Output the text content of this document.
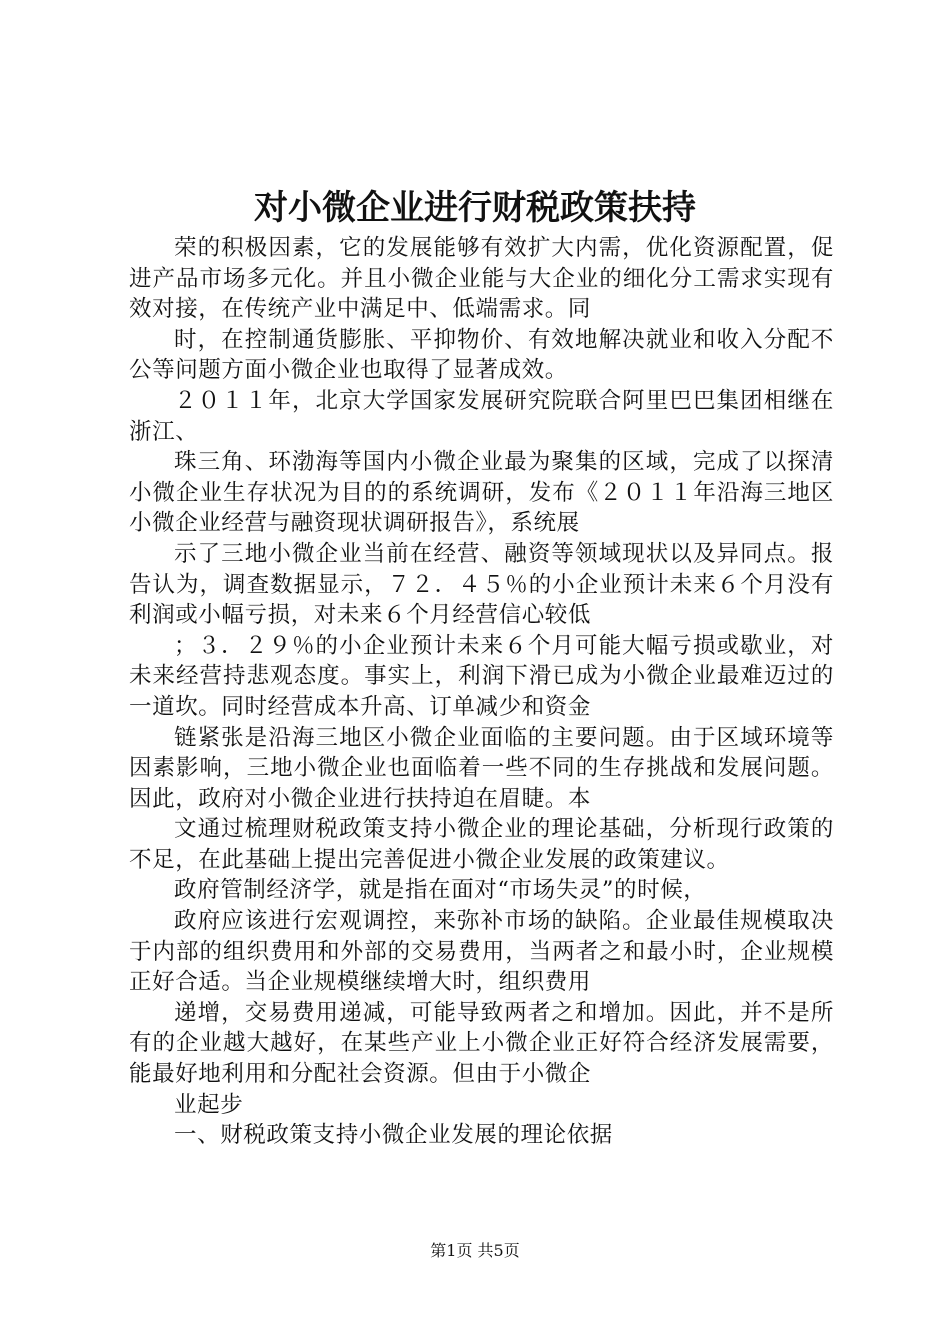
对小微企业进行财税政策扶持

荣的积极因素，它的发展能够有效扩大内需，优化资源配置，促进产品市场多元化。并且小微企业能与大企业的细化分工需求实现有效对接，在传统产业中满足中、低端需求。同

时，在控制通货膨胀、平抑物价、有效地解决就业和收入分配不公等问题方面小微企业也取得了显著成效。

２０１１年，北京大学国家发展研究院联合阿里巴巴集团相继在浙江、

珠三角、环渤海等国内小微企业最为聚集的区域，完成了以探清小微企业生存状况为目的的系统调研，发布《２０１１年沿海三地区小微企业经营与融资现状调研报告》，系统展

示了三地小微企业当前在经营、融资等领域现状以及异同点。报告认为，调查数据显示，７２．４５％的小企业预计未来６个月没有利润或小幅亏损，对未来６个月经营信心较低

；３．２９％的小企业预计未来６个月可能大幅亏损或歇业，对未来经营持悲观态度。事实上，利润下滑已成为小微企业最难迈过的一道坎。同时经营成本升高、订单减少和资金

链紧张是沿海三地区小微企业面临的主要问题。由于区域环境等因素影响，三地小微企业也面临着一些不同的生存挑战和发展问题。因此，政府对小微企业进行扶持迫在眉睫。本

文通过梳理财税政策支持小微企业的理论基础，分析现行政策的不足，在此基础上提出完善促进小微企业发展的政策建议。

政府管制经济学，就是指在面对“市场失灵”的时候，

政府应该进行宏观调控，来弥补市场的缺陷。企业最佳规模取决于内部的组织费用和外部的交易费用，当两者之和最小时，企业规模正好合适。当企业规模继续增大时，组织费用

递增，交易费用递减，可能导致两者之和增加。因此，并不是所有的企业越大越好，在某些产业上小微企业正好符合经济发展需要，能最好地利用和分配社会资源。但由于小微企

业起步

一、财税政策支持小微企业发展的理论依据

第1页 共5页
